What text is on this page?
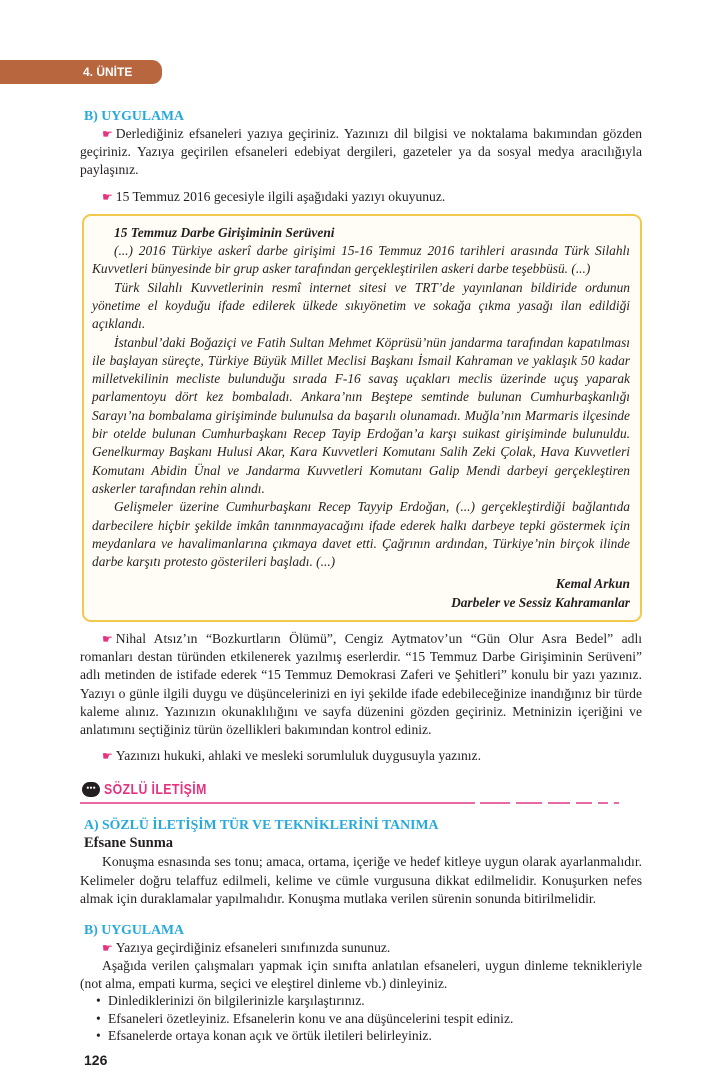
4. ÜNİTE
B) UYGULAMA

☛ Derlediğiniz efsaneleri yazıya geçiriniz. Yazınızı dil bilgisi ve noktalama bakımından gözden geçiriniz. Yazıya geçirilen efsaneleri edebiyat dergileri, gazeteler ya da sosyal medya aracılığıyla paylaşınız.

☛ 15 Temmuz 2016 gecesiyle ilgili aşağıdaki yazıyı okuyunuz.

15 Temmuz Darbe Girişiminin Serüveni

(...) 2016 Türkiye askerî darbe girişimi 15-16 Temmuz 2016 tarihleri arasında Türk Silahlı Kuvvetleri bünyesinde bir grup asker tarafından gerçekleştirilen askeri darbe teşebbüsü. (...)

Türk Silahlı Kuvvetlerinin resmî internet sitesi ve TRT’de yayınlanan bildiride ordunun yönetime el koyduğu ifade edilerek ülkede sıkıyönetim ve sokağa çıkma yasağı ilan edildiği açıklandı.

İstanbul’daki Boğaziçi ve Fatih Sultan Mehmet Köprüsü’nün jandarma tarafından kapatılması ile başlayan süreçte, Türkiye Büyük Millet Meclisi Başkanı İsmail Kahraman ve yaklaşık 50 kadar milletvekilinin mecliste bulunduğu sırada F-16 savaş uçakları meclis üzerinde uçuş yaparak parlamentoyu dört kez bombaladı. Ankara’nın Beştepe semtinde bulunan Cumhurbaşkanlığı Sarayı’na bombalama girişiminde bulunulsa da başarılı olunamadı. Muğla’nın Marmaris ilçesinde bir otelde bulunan Cumhurbaşkanı Recep Tayip Erdoğan’a karşı suikast girişiminde bulunuldu. Genelkurmay Başkanı Hulusi Akar, Kara Kuvvetleri Komutanı Salih Zeki Çolak, Hava Kuvvetleri Komutanı Abidin Ünal ve Jandarma Kuvvetleri Komutanı Galip Mendi darbeyi gerçekleştiren askerler tarafından rehin alındı.

Gelişmeler üzerine Cumhurbaşkanı Recep Tayyip Erdoğan, (...) gerçekleştirdiği bağlantıda darbecilere hiçbir şekilde imkân tanınmayacağını ifade ederek halkı darbeye tepki göstermek için meydanlara ve havalimanlarına çıkmaya davet etti. Çağrının ardından, Türkiye’nin birçok ilinde darbe karşıtı protesto gösterileri başladı. (...)

Kemal Arkun
Darbeler ve Sessiz Kahramanlar

☛ Nihal Atsız’ın “Bozkurtların Ölümü”, Cengiz Aytmatov’un “Gün Olur Asra Bedel” adlı romanları destan türünden etkilenerek yazılmış eserlerdir. “15 Temmuz Darbe Girişiminin Serüveni” adlı metinden de istifade ederek “15 Temmuz Demokrasi Zaferi ve Şehitleri” konulu bir yazı yazınız. Yazıyı o günle ilgili duygu ve düşüncelerinizi en iyi şekilde ifade edebileceğinize inandığınız bir türde kaleme alınız. Yazınızın okunaklılığını ve sayfa düzenini gözden geçiriniz. Metninizin içeriğini ve anlatımını seçtiğiniz türün özellikleri bakımından kontrol ediniz.

☛ Yazınızı hukuki, ahlaki ve mesleki sorumluluk duygusuyla yazınız.

••• SÖZLÜ İLETİŞİM
A) SÖZLÜ İLETİŞİM TÜR VE TEKNİKLERİNİ TANIMA
Efsane Sunma

Konuşma esnasında ses tonu; amaca, ortama, içeriğe ve hedef kitleye uygun olarak ayarlanmalıdır. Kelimeler doğru telaffuz edilmeli, kelime ve cümle vurgusuna dikkat edilmelidir. Konuşurken nefes almak için duraklamalar yapılmalıdır. Konuşma mutlaka verilen sürenin sonunda bitirilmelidir.

B) UYGULAMA

☛ Yazıya geçirdiğiniz efsaneleri sınıfınızda sununuz.

Aşağıda verilen çalışmaları yapmak için sınıfta anlatılan efsaneleri, uygun dinleme teknikleriyle (not alma, empati kurma, seçici ve eleştirel dinleme vb.) dinleyiniz.

• Dinlediklerinizi ön bilgilerinizle karşılaştırınız.
• Efsaneleri özetleyiniz. Efsanelerin konu ve ana düşüncelerini tespit ediniz.
• Efsanelerde ortaya konan açık ve örtük iletileri belirleyiniz.
126
